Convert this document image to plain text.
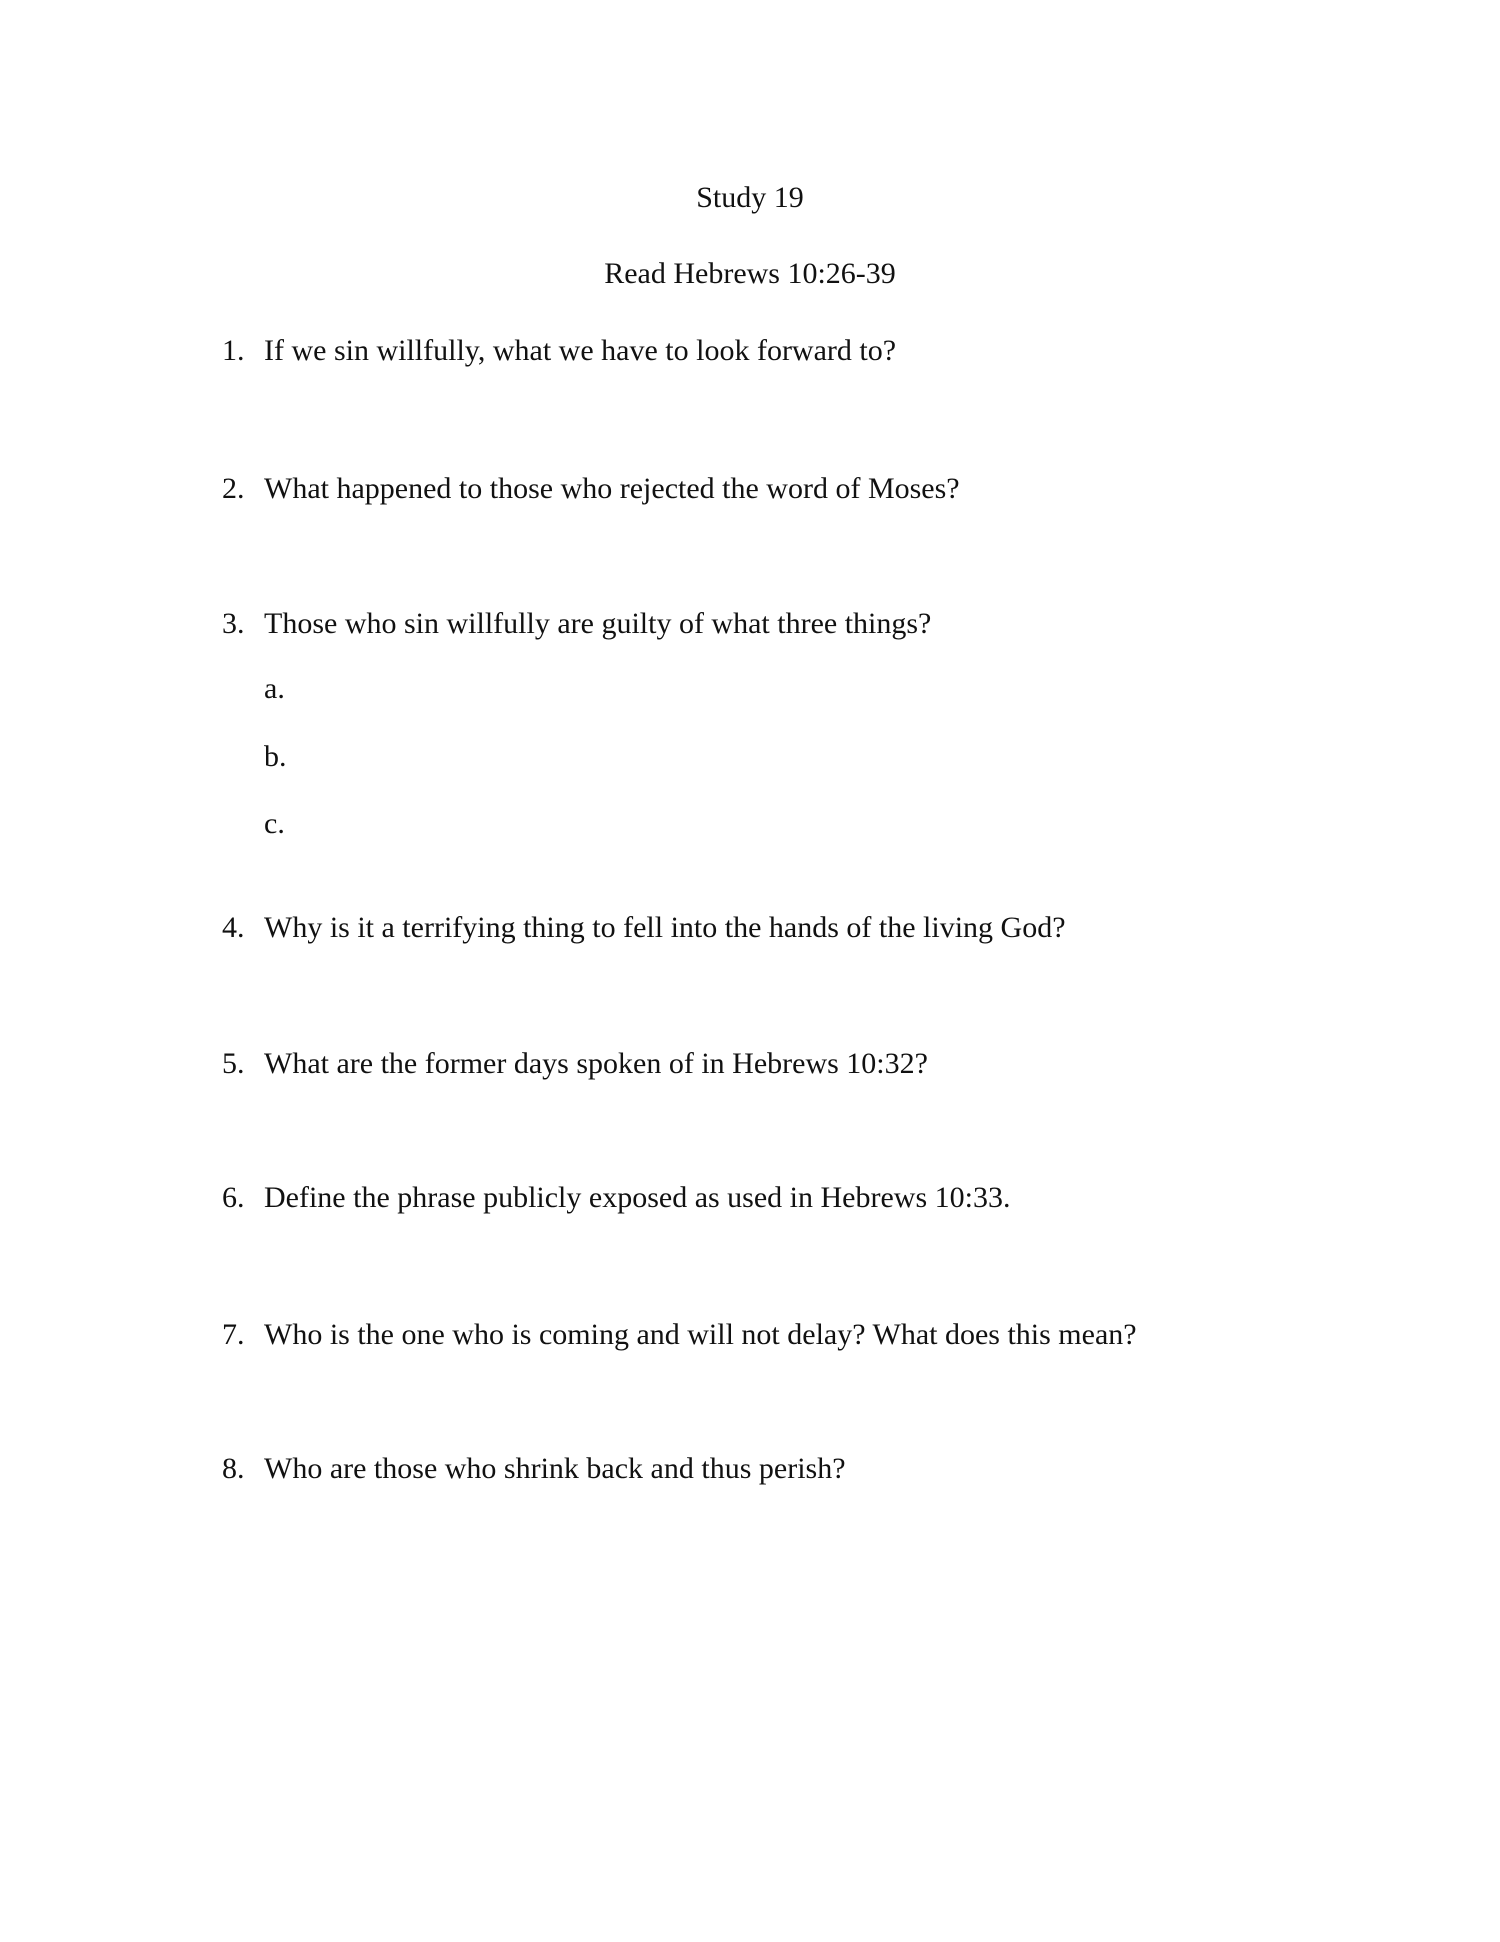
Study 19
Read Hebrews 10:26-39
1. If we sin willfully, what we have to look forward to?
2. What happened to those who rejected the word of Moses?
3. Those who sin willfully are guilty of what three things?
a.
b.
c.
4. Why is it a terrifying thing to fell into the hands of the living God?
5. What are the former days spoken of in Hebrews 10:32?
6. Define the phrase publicly exposed as used in Hebrews 10:33.
7. Who is the one who is coming and will not delay? What does this mean?
8. Who are those who shrink back and thus perish?
